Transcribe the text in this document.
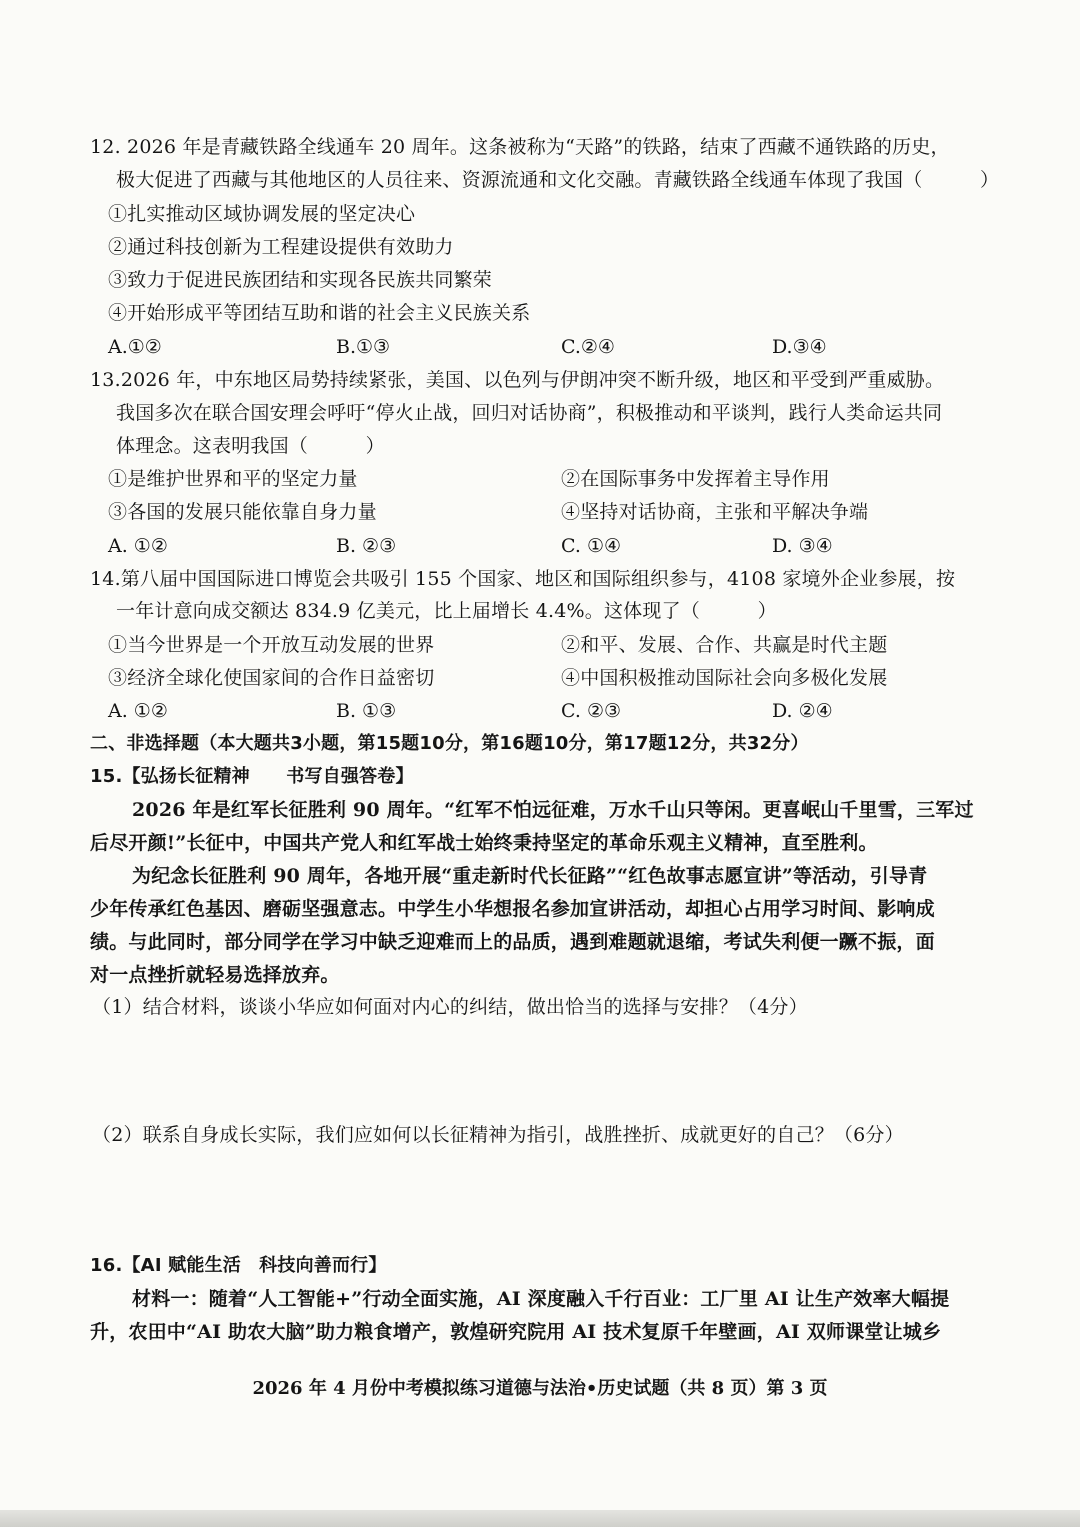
12. 2026 年是青藏铁路全线通车 20 周年。这条被称为“天路”的铁路，结束了西藏不通铁路的历史，
极大促进了西藏与其他地区的人员往来、资源流通和文化交融。青藏铁路全线通车体现了我国（　　　）
①扎实推动区域协调发展的坚定决心
②通过科技创新为工程建设提供有效助力
③致力于促进民族团结和实现各民族共同繁荣
④开始形成平等团结互助和谐的社会主义民族关系
A.①②	B.①③	C.②④	D.③④
13.2026 年，中东地区局势持续紧张，美国、以色列与伊朗冲突不断升级，地区和平受到严重威胁。
我国多次在联合国安理会呼吁“停火止战，回归对话协商”，积极推动和平谈判，践行人类命运共同
体理念。这表明我国（　　　）
①是维护世界和平的坚定力量	②在国际事务中发挥着主导作用
③各国的发展只能依靠自身力量	④坚持对话协商，主张和平解决争端
A. ①②	B. ②③	C. ①④	D. ③④
14.第八届中国国际进口博览会共吸引 155 个国家、地区和国际组织参与，4108 家境外企业参展，按
一年计意向成交额达 834.9 亿美元，比上届增长 4.4%。这体现了（　　　）
①当今世界是一个开放互动发展的世界	②和平、发展、合作、共赢是时代主题
③经济全球化使国家间的合作日益密切	④中国积极推动国际社会向多极化发展
A. ①②	B. ①③	C. ②③	D. ②④
二、非选择题（本大题共3小题，第15题10分，第16题10分，第17题12分，共32分）
15.【弘扬长征精神　　书写自强答卷】
2026 年是红军长征胜利 90 周年。“红军不怕远征难，万水千山只等闲。更喜岷山千里雪，三军过
后尽开颜!”长征中，中国共产党人和红军战士始终秉持坚定的革命乐观主义精神，直至胜利。
为纪念长征胜利 90 周年，各地开展“重走新时代长征路”“红色故事志愿宣讲”等活动，引导青
少年传承红色基因、磨砺坚强意志。中学生小华想报名参加宣讲活动，却担心占用学习时间、影响成
绩。与此同时，部分同学在学习中缺乏迎难而上的品质，遇到难题就退缩，考试失利便一蹶不振，面
对一点挫折就轻易选择放弃。
（1）结合材料，谈谈小华应如何面对内心的纠结，做出恰当的选择与安排？（4分）
（2）联系自身成长实际，我们应如何以长征精神为指引，战胜挫折、成就更好的自己？（6分）
16.【AI 赋能生活　科技向善而行】
材料一：随着“人工智能+”行动全面实施，AI 深度融入千行百业：工厂里 AI 让生产效率大幅提
升，农田中“AI 助农大脑”助力粮食增产，敦煌研究院用 AI 技术复原千年壁画，AI 双师课堂让城乡
2026 年 4 月份中考模拟练习道德与法治•历史试题（共 8 页）第 3 页
